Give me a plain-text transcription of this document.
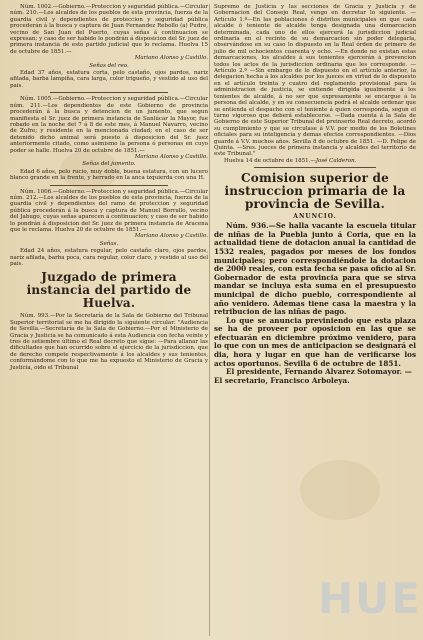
Núm. 1002.—Gobierno.—Proteccion y seguridad pública.—Circular núm. 210.—Los alcaldes de los pueblos de esta provincia, fuerza de la guardia civil y dependientes de proteccion y seguridad pública procederán á la busca y captura de Juan Fernandez Rebollo (a) Pudre, vecino de San Juan del Puerto, cuyas señas á continuacion se expresan; y caso de ser habido lo pondrán á disposicion del Sr. juez de primera instancia de este partido judicial que lo reclama. Huelva 15 de octubre de 1851.—

Mariano Alonso y Castillo.
Señas del reo.

Edad 37 años, estatura corta, pelo castaño, ojos pardos, nariz afilada, barba lampiña, cara larga, color trigueño, y vestido al uso del pais.

Núm. 1005.—Gobierno.—Proteccion y seguridad pública.—Circular núm. 211.—Los dependientes de este Gobierno de provincia procederán á la busca y detencion de un jumento, que segun manifiesta el Sr. juez de primera instancia de Sanlúcar la Mayor, fue robado en la noche del 7 á 8 de este mes, á Manuel Navarro, vecino de Zufre; y residente en la mencionada ciudad; en el caso de ser detenido dicho animal será puesto á disposicion del Sr. juez anteriormente citado, como asimismo la persona ó personas en cuyo poder se halle. Huelva 20 de octubre de 1851.—

Mariano Alonso y Castillo.
Señas del jumento.

Edad 6 años, pelo rucio, muy doble, buena estatura, con un lucero blanco grande en la frente, y herrado en la anca izquierda con una H.

Núm. 1006.—Gobierno.—Proteccion y seguridad pública.—Circular núm. 212.—Los alcaldes de los pueblos de esta provincia, fuerza de la guardia civil y dependientes del ramo de proteccion y seguridad pública procederán á la busca y captura de Manuel Borrallo, vecino del Jabugo, cuyas señas aparecen á continuacion; y caso de ser habido lo pondrán á disposicion del Sr. juez de primera instancia de Aracena que le reclama. Huelva 20 de octubre de 1851.—

Mariano Alonso y Castillo.
Señas.

Edad 24 años, estatura regular, pelo castaño claro, ojos pardos, nariz afilada, barba poca, cara regular, color claro, y vestido al uso del pais.

Juzgado de primera instancia del partido de Huelva.

Núm. 993.—Por la Secretaría de la Sala de Gobierno del Tribunal Superior territorial se me ha dirigido la siguiente circular: "Audiencia de Sevilla.—Secretaría de la Sala de Gobierno.—Por el Ministerio de Gracia y Justicia se ha comunicado á esta Audiencia con fecha veinte y tres de setiembre último el Real decreto que sigue: —Para allanar las dificultades que han ocurrido sobre el ejercicio de la jurisdiccion, que de derecho compete respectivamente á los alcaldes y sus tenientes, conformándome con lo que me ha expuesto el Ministerio de Gracia y Justicia, oido el Tribunal

Supremo de Justicia y las secciones de Gracia y Justicia y de Gobernacion del Consejo Real, vengo en decretar lo siguiente. —Artículo 1.º—En las poblaciones ó distritos municipales en que cada alcalde ó teniente de alcalde tenga designada una demarcacion determinada, cada uno de ellos ejercerá la jurisdiccion judicial ordinaria en el recinto de su demarcacion sin poder delegarla, observándose en su caso lo dispuesto en la Real órden de primero de julio de mil ochocientos cuarenta y ocho. —En donde no existan estas demarcaciones, los alcaldes á sus tenientes ejercerán á prevencion todos los actos de la jurisdiccion ordinaria que les corresponde. —Artículo 2.º —Sin embargo de lo dispuesto en el artículo anterior, la delegacion hecha á los alcaldes por los jueces en virtud de lo dispuesto en el artículo treinta y cuatro del reglamento provisional para la administracion de justicia, se entiende dirigida igualmente á los tenientes de alcalde, á no ser que expresamente se encargue á la persona del alcalde, y en su consecuencia podrá el alcalde ordenar que se entienda el despacho con el teniente á quien corresponda, segun el turno vigoroso que deberá establecerse. —Dada cuenta á la Sala de Gobierno de este Superior Tribunal del preinserto Real decreto, acordó su cumplimiento y que se circulase á V.V. por medio de los Boletines oficiales para su inteligencia y demas efectos correspondientes. —Dios guarde á V.V. muchos años. Sevilla 8 de octubre de 1851. —D. Felipe de Quinta. —Sres. jueces de primera instancia y alcaldes del territorio de este Tribunal."

Huelva 14 de octubre de 1851.—José Calderon.

Comision superior de instruccion primaria de la provincia de Sevilla.
ANUNCIO.

Núm. 936.—Se halla vacante la escuela titular de niñas de la Puebla junto á Coria, que en la actualidad tiene de dotacion anual la cantidad de 1532 reales, pagados por meses de los fondos municipales; pero correspondiéndole la dotacion de 2000 reales, con esta fecha se pasa oficio al Sr. Gobernador de esta provincia para que se sirva mandar se incluya esta suma en el presupuesto municipal de dicho pueblo, correspondiente al año venidero. Ademas tiene casa la maestra y la retribucion de las niñas de pago.

Lo que se anuncia previniendo que esta plaza se ha de proveer por oposicion en las que se efectuarán en diciembre próximo venidero, para lo que con un mes de anticipacion se designará el dia, hora y lugar en que han de verificarse los actos oportunos. Sevilla 6 de octubre de 1851.

El presidente, Fernando Alvarez Sotomayor. —El secretario, Francisco Arboleya.

HUE
